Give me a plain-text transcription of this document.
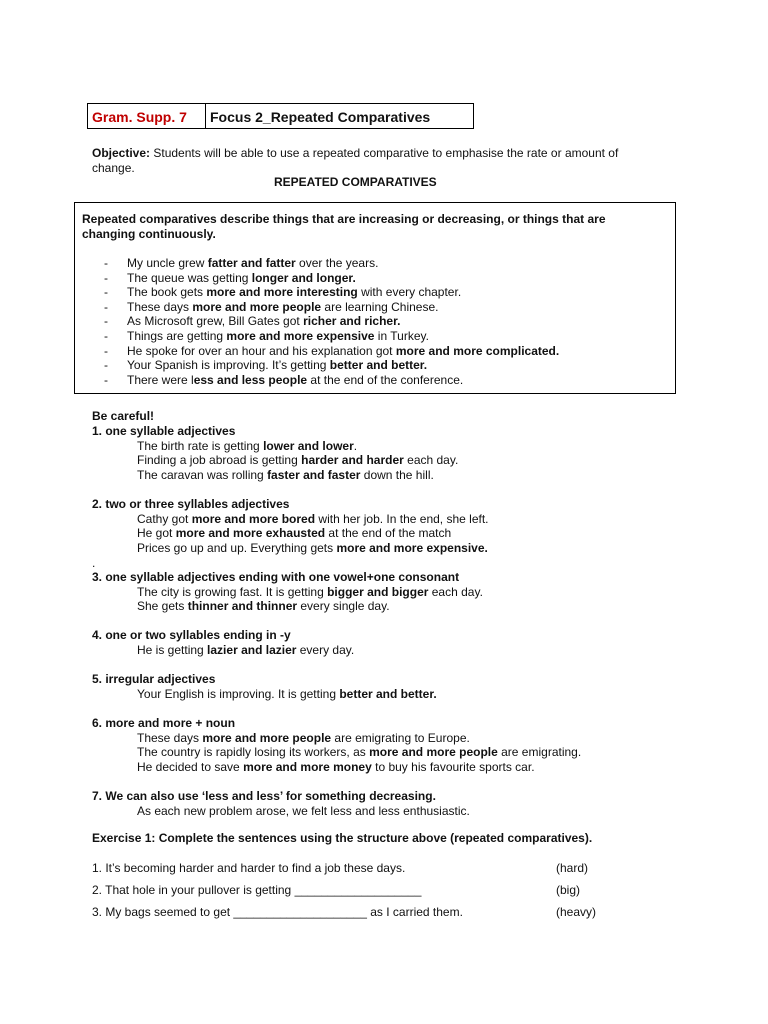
Gram. Supp. 7 Focus 2_Repeated Comparatives
Objective: Students will be able to use a repeated comparative to emphasise the rate or amount of
change.
REPEATED COMPARATIVES
Repeated comparatives describe things that are increasing or decreasing, or things that are
changing continuously.
- My uncle grew fatter and fatter over the years.
- The queue was getting longer and longer.
- The book gets more and more interesting with every chapter.
- These days more and more people are learning Chinese.
- As Microsoft grew, Bill Gates got richer and richer.
- Things are getting more and more expensive in Turkey.
- He spoke for over an hour and his explanation got more and more complicated.
- Your Spanish is improving. It’s getting better and better.
- There were less and less people at the end of the conference.
Be careful!
1. one syllable adjectives
The birth rate is getting lower and lower.
Finding a job abroad is getting harder and harder each day.
The caravan was rolling faster and faster down the hill.
2. two or three syllables adjectives
Cathy got more and more bored with her job. In the end, she left.
He got more and more exhausted at the end of the match
Prices go up and up. Everything gets more and more expensive.
3. one syllable adjectives ending with one vowel+one consonant
The city is growing fast. It is getting bigger and bigger each day.
She gets thinner and thinner every single day.
4. one or two syllables ending in -y
He is getting lazier and lazier every day.
5. irregular adjectives
Your English is improving. It is getting better and better.
6. more and more + noun
These days more and more people are emigrating to Europe.
The country is rapidly losing its workers, as more and more people are emigrating.
He decided to save more and more money to buy his favourite sports car.
7. We can also use ‘less and less’ for something decreasing.
As each new problem arose, we felt less and less enthusiastic.
.
Exercise 1: Complete the sentences using the structure above (repeated comparatives).
1. It’s becoming harder and harder to find a job these days.	(hard)
2. That hole in your pullover is getting ___________________	(big)
3. My bags seemed to get ____________________ as I carried them.	(heavy)
